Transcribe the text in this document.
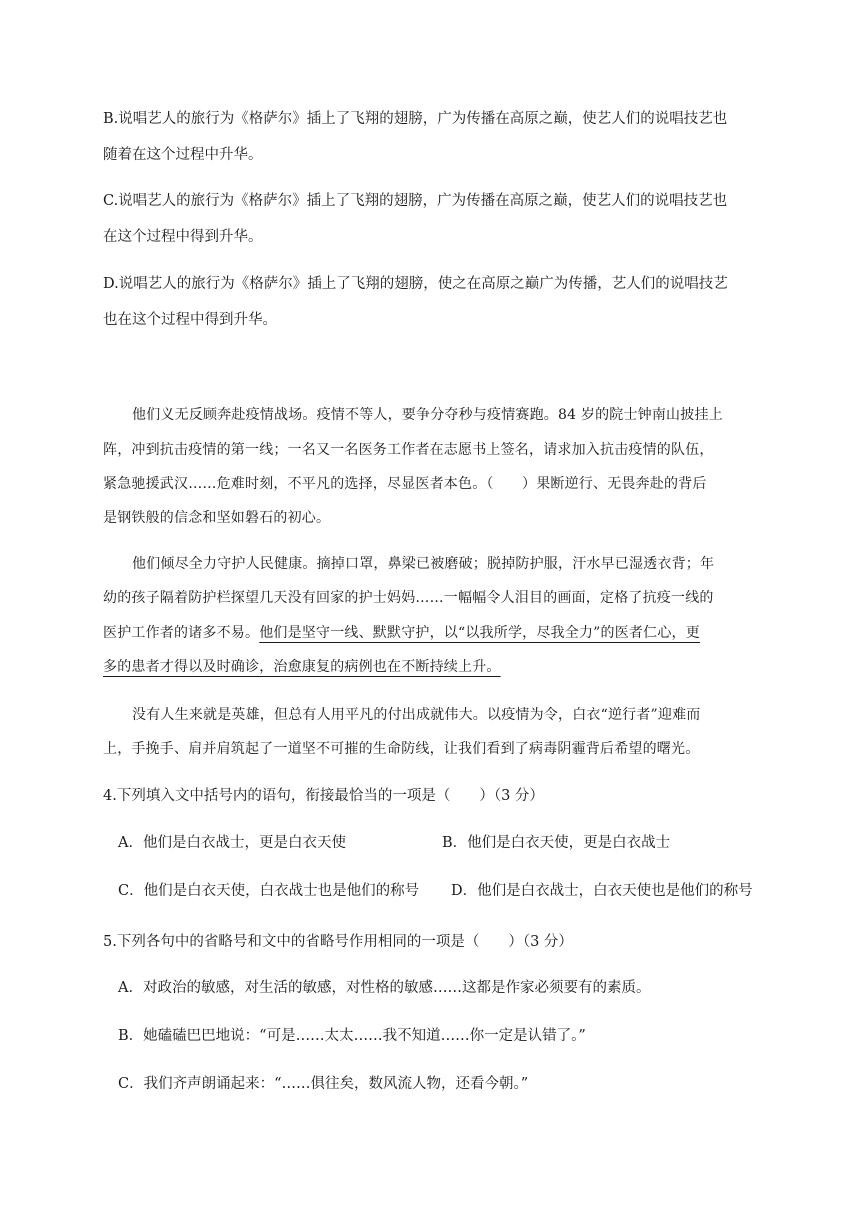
B.说唱艺人的旅行为《格萨尔》插上了飞翔的翅膀，广为传播在高原之巅，使艺人们的说唱技艺也
随着在这个过程中升华。
C.说唱艺人的旅行为《格萨尔》插上了飞翔的翅膀，广为传播在高原之巅，使艺人们的说唱技艺也
在这个过程中得到升华。
D.说唱艺人的旅行为《格萨尔》插上了飞翔的翅膀，使之在高原之巅广为传播，艺人们的说唱技艺
也在这个过程中得到升华。
他们义无反顾奔赴疫情战场。疫情不等人，要争分夺秒与疫情赛跑。84 岁的院士钟南山披挂上
阵，冲到抗击疫情的第一线；一名又一名医务工作者在志愿书上签名，请求加入抗击疫情的队伍，
紧急驰援武汉……危难时刻，不平凡的选择，尽显医者本色。（　　）果断逆行、无畏奔赴的背后
是钢铁般的信念和坚如磐石的初心。
他们倾尽全力守护人民健康。摘掉口罩，鼻梁已被磨破；脱掉防护服，汗水早已湿透衣背；年
幼的孩子隔着防护栏探望几天没有回家的护士妈妈……一幅幅令人泪目的画面，定格了抗疫一线的
医护工作者的诸多不易。他们是坚守一线、默默守护，以“以我所学，尽我全力”的医者仁心，更
多的患者才得以及时确诊，治愈康复的病例也在不断持续上升。
没有人生来就是英雄，但总有人用平凡的付出成就伟大。以疫情为令，白衣“逆行者”迎难而
上，手挽手、肩并肩筑起了一道坚不可摧的生命防线，让我们看到了病毒阴霾背后希望的曙光。
4.下列填入文中括号内的语句，衔接最恰当的一项是（　　）（3 分）
A．他们是白衣战士，更是白衣天使	B．他们是白衣天使，更是白衣战士
C．他们是白衣天使，白衣战士也是他们的称号 D．他们是白衣战士，白衣天使也是他们的称号
5.下列各句中的省略号和文中的省略号作用相同的一项是（　　）（3 分）
A．对政治的敏感，对生活的敏感，对性格的敏感……这都是作家必须要有的素质。
B．她磕磕巴巴地说：“可是……太太……我不知道……你一定是认错了。”
C．我们齐声朗诵起来：“……俱往矣，数风流人物，还看今朝。”
